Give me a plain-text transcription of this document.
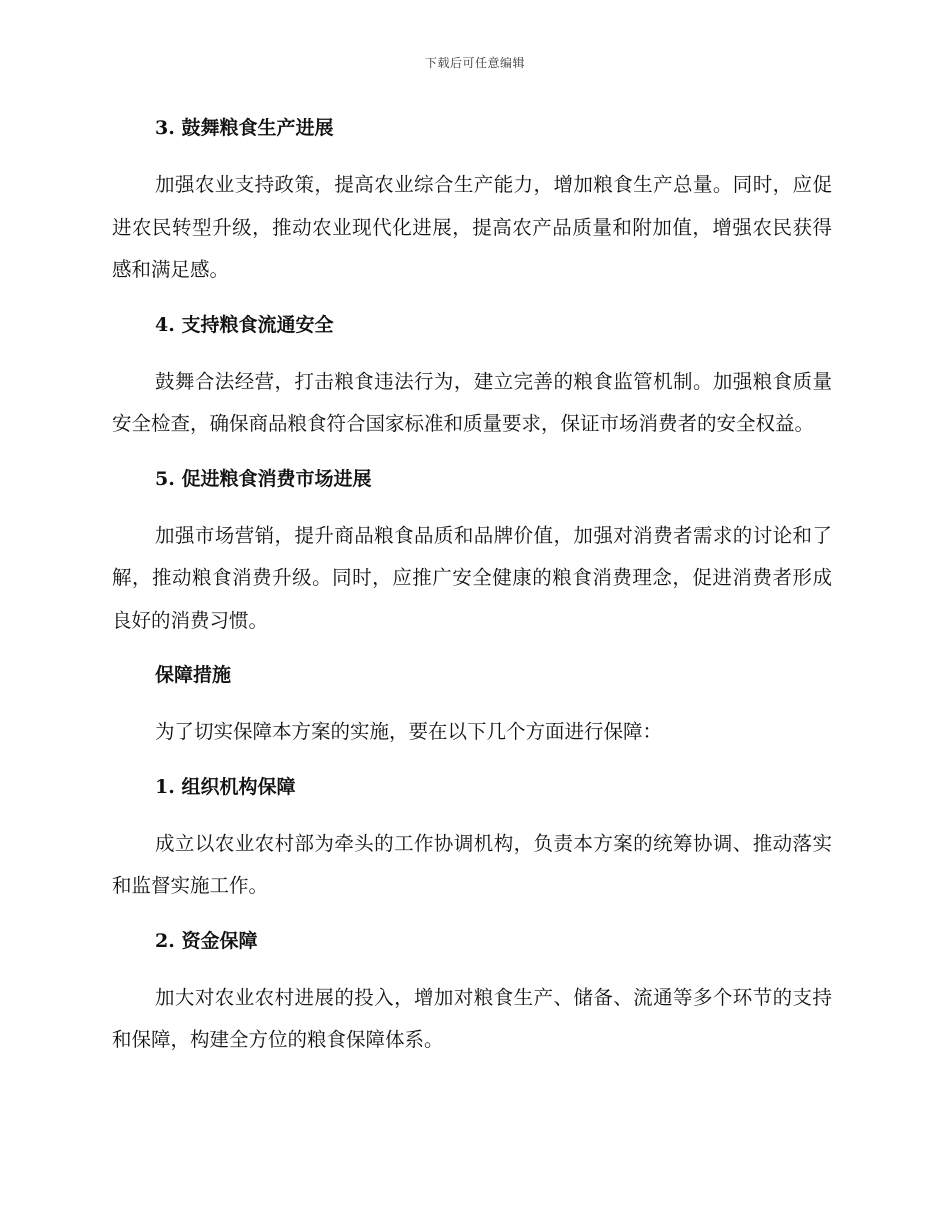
下载后可任意编辑
3. 鼓舞粮食生产进展

加强农业支持政策，提高农业综合生产能力，增加粮食生产总量。同时，应促进农民转型升级，推动农业现代化进展，提高农产品质量和附加值，增强农民获得感和满足感。

4. 支持粮食流通安全

鼓舞合法经营，打击粮食违法行为，建立完善的粮食监管机制。加强粮食质量安全检查，确保商品粮食符合国家标准和质量要求，保证市场消费者的安全权益。

5. 促进粮食消费市场进展

加强市场营销，提升商品粮食品质和品牌价值，加强对消费者需求的讨论和了解，推动粮食消费升级。同时，应推广安全健康的粮食消费理念，促进消费者形成良好的消费习惯。

保障措施

为了切实保障本方案的实施，要在以下几个方面进行保障：

1. 组织机构保障

成立以农业农村部为牵头的工作协调机构，负责本方案的统筹协调、推动落实和监督实施工作。

2. 资金保障

加大对农业农村进展的投入，增加对粮食生产、储备、流通等多个环节的支持和保障，构建全方位的粮食保障体系。
